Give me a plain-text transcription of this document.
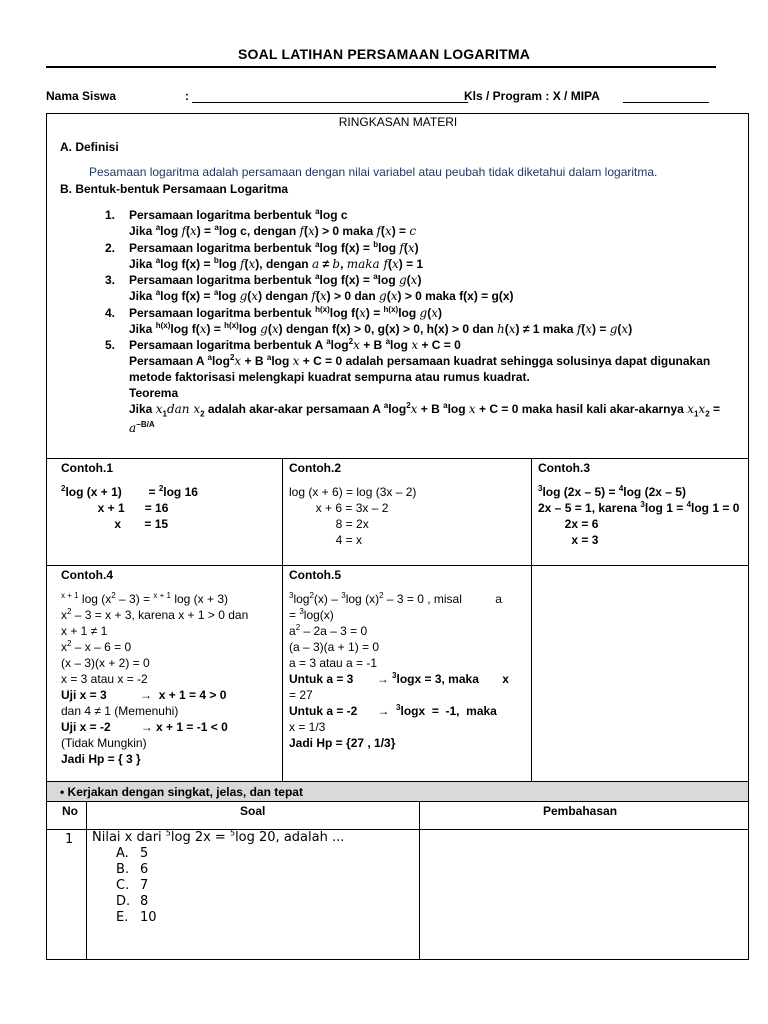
SOAL LATIHAN PERSAMAAN LOGARITMA
Nama Siswa	:	Kls / Program : X / MIPA
RINGKASAN MATERI
A. Definisi
Pesamaan logaritma adalah persamaan dengan nilai variabel atau peubah tidak diketahui dalam logaritma.
B. Bentuk-bentuk Persamaan Logaritma
1.	Persamaan logaritma berbentuk $^a$log c
Jika $^a$log f(x) = $^a$log c, dengan f(x) > 0 maka f(x) = c
2.	Persamaan logaritma berbentuk $^a$log f(x) = $^b$log f(x)
Jika $^a$log f(x) = $^b$log f(x), dengan a ≠ b, maka f(x) = 1
3.	Persamaan logaritma berbentuk $^a$log f(x) = $^a$log g(x)
Jika $^a$log f(x) = $^a$log g(x) dengan f(x) > 0 dan g(x) > 0 maka f(x) = g(x)
4.	Persamaan logaritma berbentuk $^{h(x)}$log f(x) = $^{h(x)}$log g(x)
Jika $^{h(x)}$log f(x) = $^{h(x)}$log g(x) dengan f(x) > 0, g(x) > 0, h(x) > 0 dan h(x) ≠ 1 maka f(x) = g(x)
5.	Persamaan logaritma berbentuk A $^a\log^2x + B$ $^a$log x + C = 0
Persamaan A $^a\log^2x + B$ $^a$log x + C = 0 adalah persamaan kuadrat sehingga solusinya dapat digunakan
metode faktorisasi melengkapi kuadrat sempurna atau rumus kuadrat.
Teorema
Jika $x_1dan$ $x_2$ adalah akar-akar persamaan A $^a\log^2x + B$ $^a$log x + C = 0 maka hasil kali akar-akarnya $x_1x_2$ =
$a^{-B/A}$
Contoh.1
$^2$log (x + 1)        = $^2$log 16
x + 1      = 16
x       = 15
Contoh.2
log (x + 6) = log (3x – 2)
x + 6 = 3x – 2
8 = 2x
4 = x
Contoh.3
$^3$log (2x – 5) = $^4$log (2x – 5)
2x – 5 = 1, karena $^3$log 1 = $^4$log 1 = 0
2x = 6
x = 3
Contoh.4
$^{x + 1}$ $\log (x^2 - 3) = ^{x + 1}$ log (x + 3)
$x^2 - 3 = x + 3$, karena x + 1 > 0 dan
x + 1 ≠ 1
$x^2 - x - 6 = 0$
(x – 3)(x + 2) = 0
x = 3 atau x = -2
Uji x = 3          →  x + 1 = 4 > 0
dan 4 ≠ 1 (Memenuhi)
Uji x = -2         → x + 1 = -1 < 0
(Tidak Mungkin)
Jadi Hp = { 3 }
Contoh.5
$^3\log^2(x) - ^3\log$ $(x)^2 - 3 = 0$ , misal          a
= $^3$log(x)
$a^2 - 2a - 3 = 0$
(a – 3)(a + 1) = 0
a = 3 atau a = -1
Untuk a = 3       → $^3$logx = 3, maka       x
= 27
Untuk a = -2      →  $^3$logx  =  -1,  maka
x = 1/3
Jadi Hp = {27 , 1/3}
• Kerjakan dengan singkat, jelas, dan tepat
No	Soal	Pembahasan
1 Nilai x dari $^5$log 2x = $^5$log 20, adalah ...
A. 5
B. 6
C. 7
D. 8
E. 10
